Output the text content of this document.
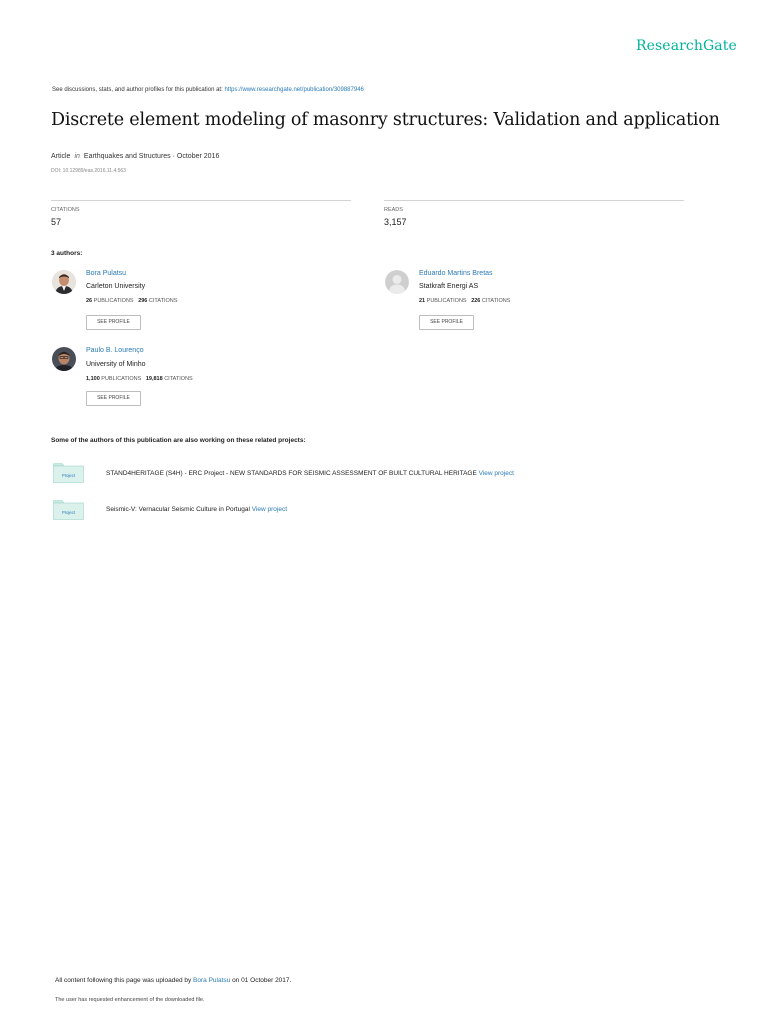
ResearchGate
See discussions, stats, and author profiles for this publication at: https://www.researchgate.net/publication/309887946
Discrete element modeling of masonry structures: Validation and application
Article in Earthquakes and Structures · October 2016
DOI: 10.12989/eas.2016.11.4.563
CITATIONS
57
READS
3,157
3 authors:
Bora Pulatsu
Carleton University
26 PUBLICATIONS 296 CITATIONS
SEE PROFILE
Eduardo Martins Bretas
Statkraft Energi AS
21 PUBLICATIONS 226 CITATIONS
SEE PROFILE
Paulo B. Lourenço
University of Minho
1,100 PUBLICATIONS 19,818 CITATIONS
SEE PROFILE
Some of the authors of this publication are also working on these related projects:
Project	STAND4HERITAGE (S4H) - ERC Project - NEW STANDARDS FOR SEISMIC ASSESSMENT OF BUILT CULTURAL HERITAGE View project
Project	Seismic-V: Vernacular Seismic Culture in Portugal View project
All content following this page was uploaded by Bora Pulatsu on 01 October 2017.
The user has requested enhancement of the downloaded file.
